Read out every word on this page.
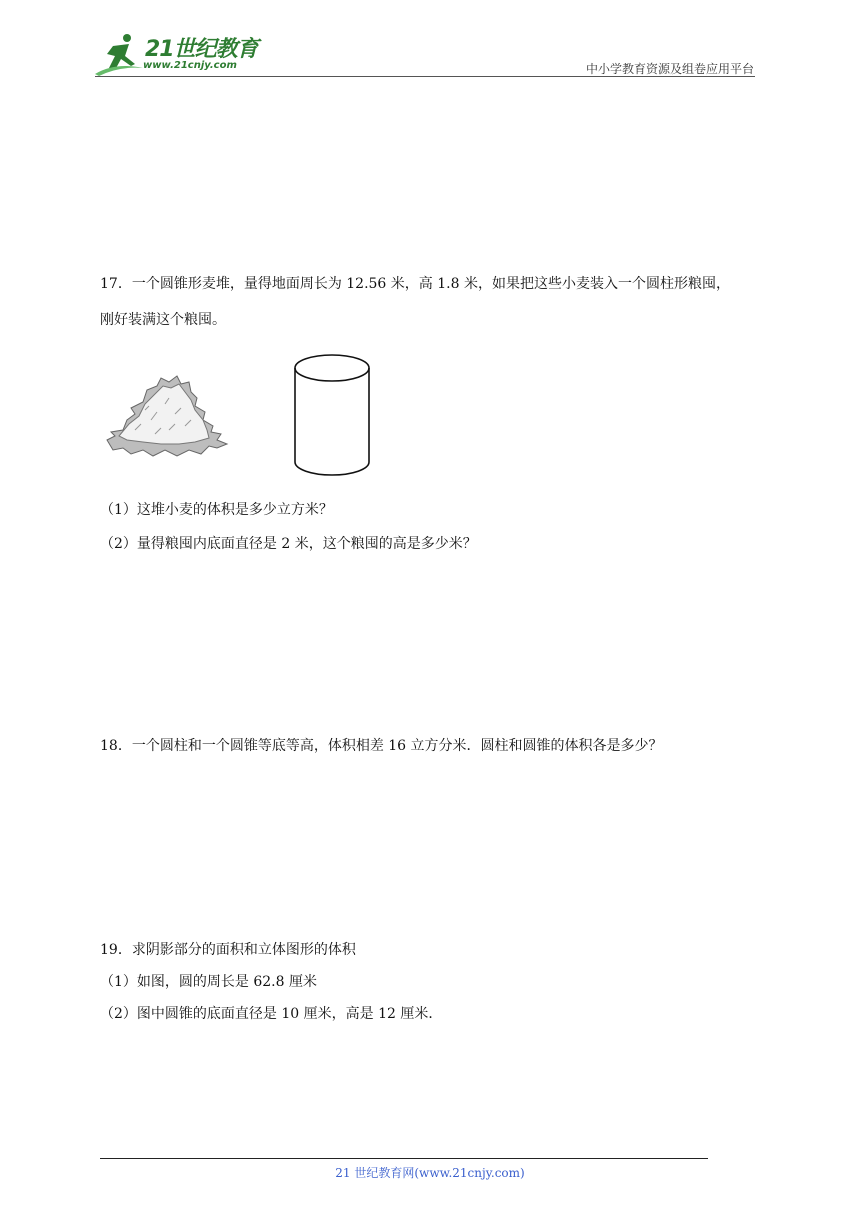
21世纪教育
www.21cnjy.com	中小学教育资源及组卷应用平台
17．一个圆锥形麦堆，量得地面周长为 12.56 米，高 1.8 米，如果把这些小麦装入一个圆柱形粮囤，
刚好装满这个粮囤。
（1）这堆小麦的体积是多少立方米？
（2）量得粮囤内底面直径是 2 米，这个粮囤的高是多少米？
18．一个圆柱和一个圆锥等底等高，体积相差 16 立方分米．圆柱和圆锥的体积各是多少？
19．求阴影部分的面积和立体图形的体积
（1）如图，圆的周长是 62.8 厘米
（2）图中圆锥的底面直径是 10 厘米，高是 12 厘米．
21 世纪教育网(www.21cnjy.com)
